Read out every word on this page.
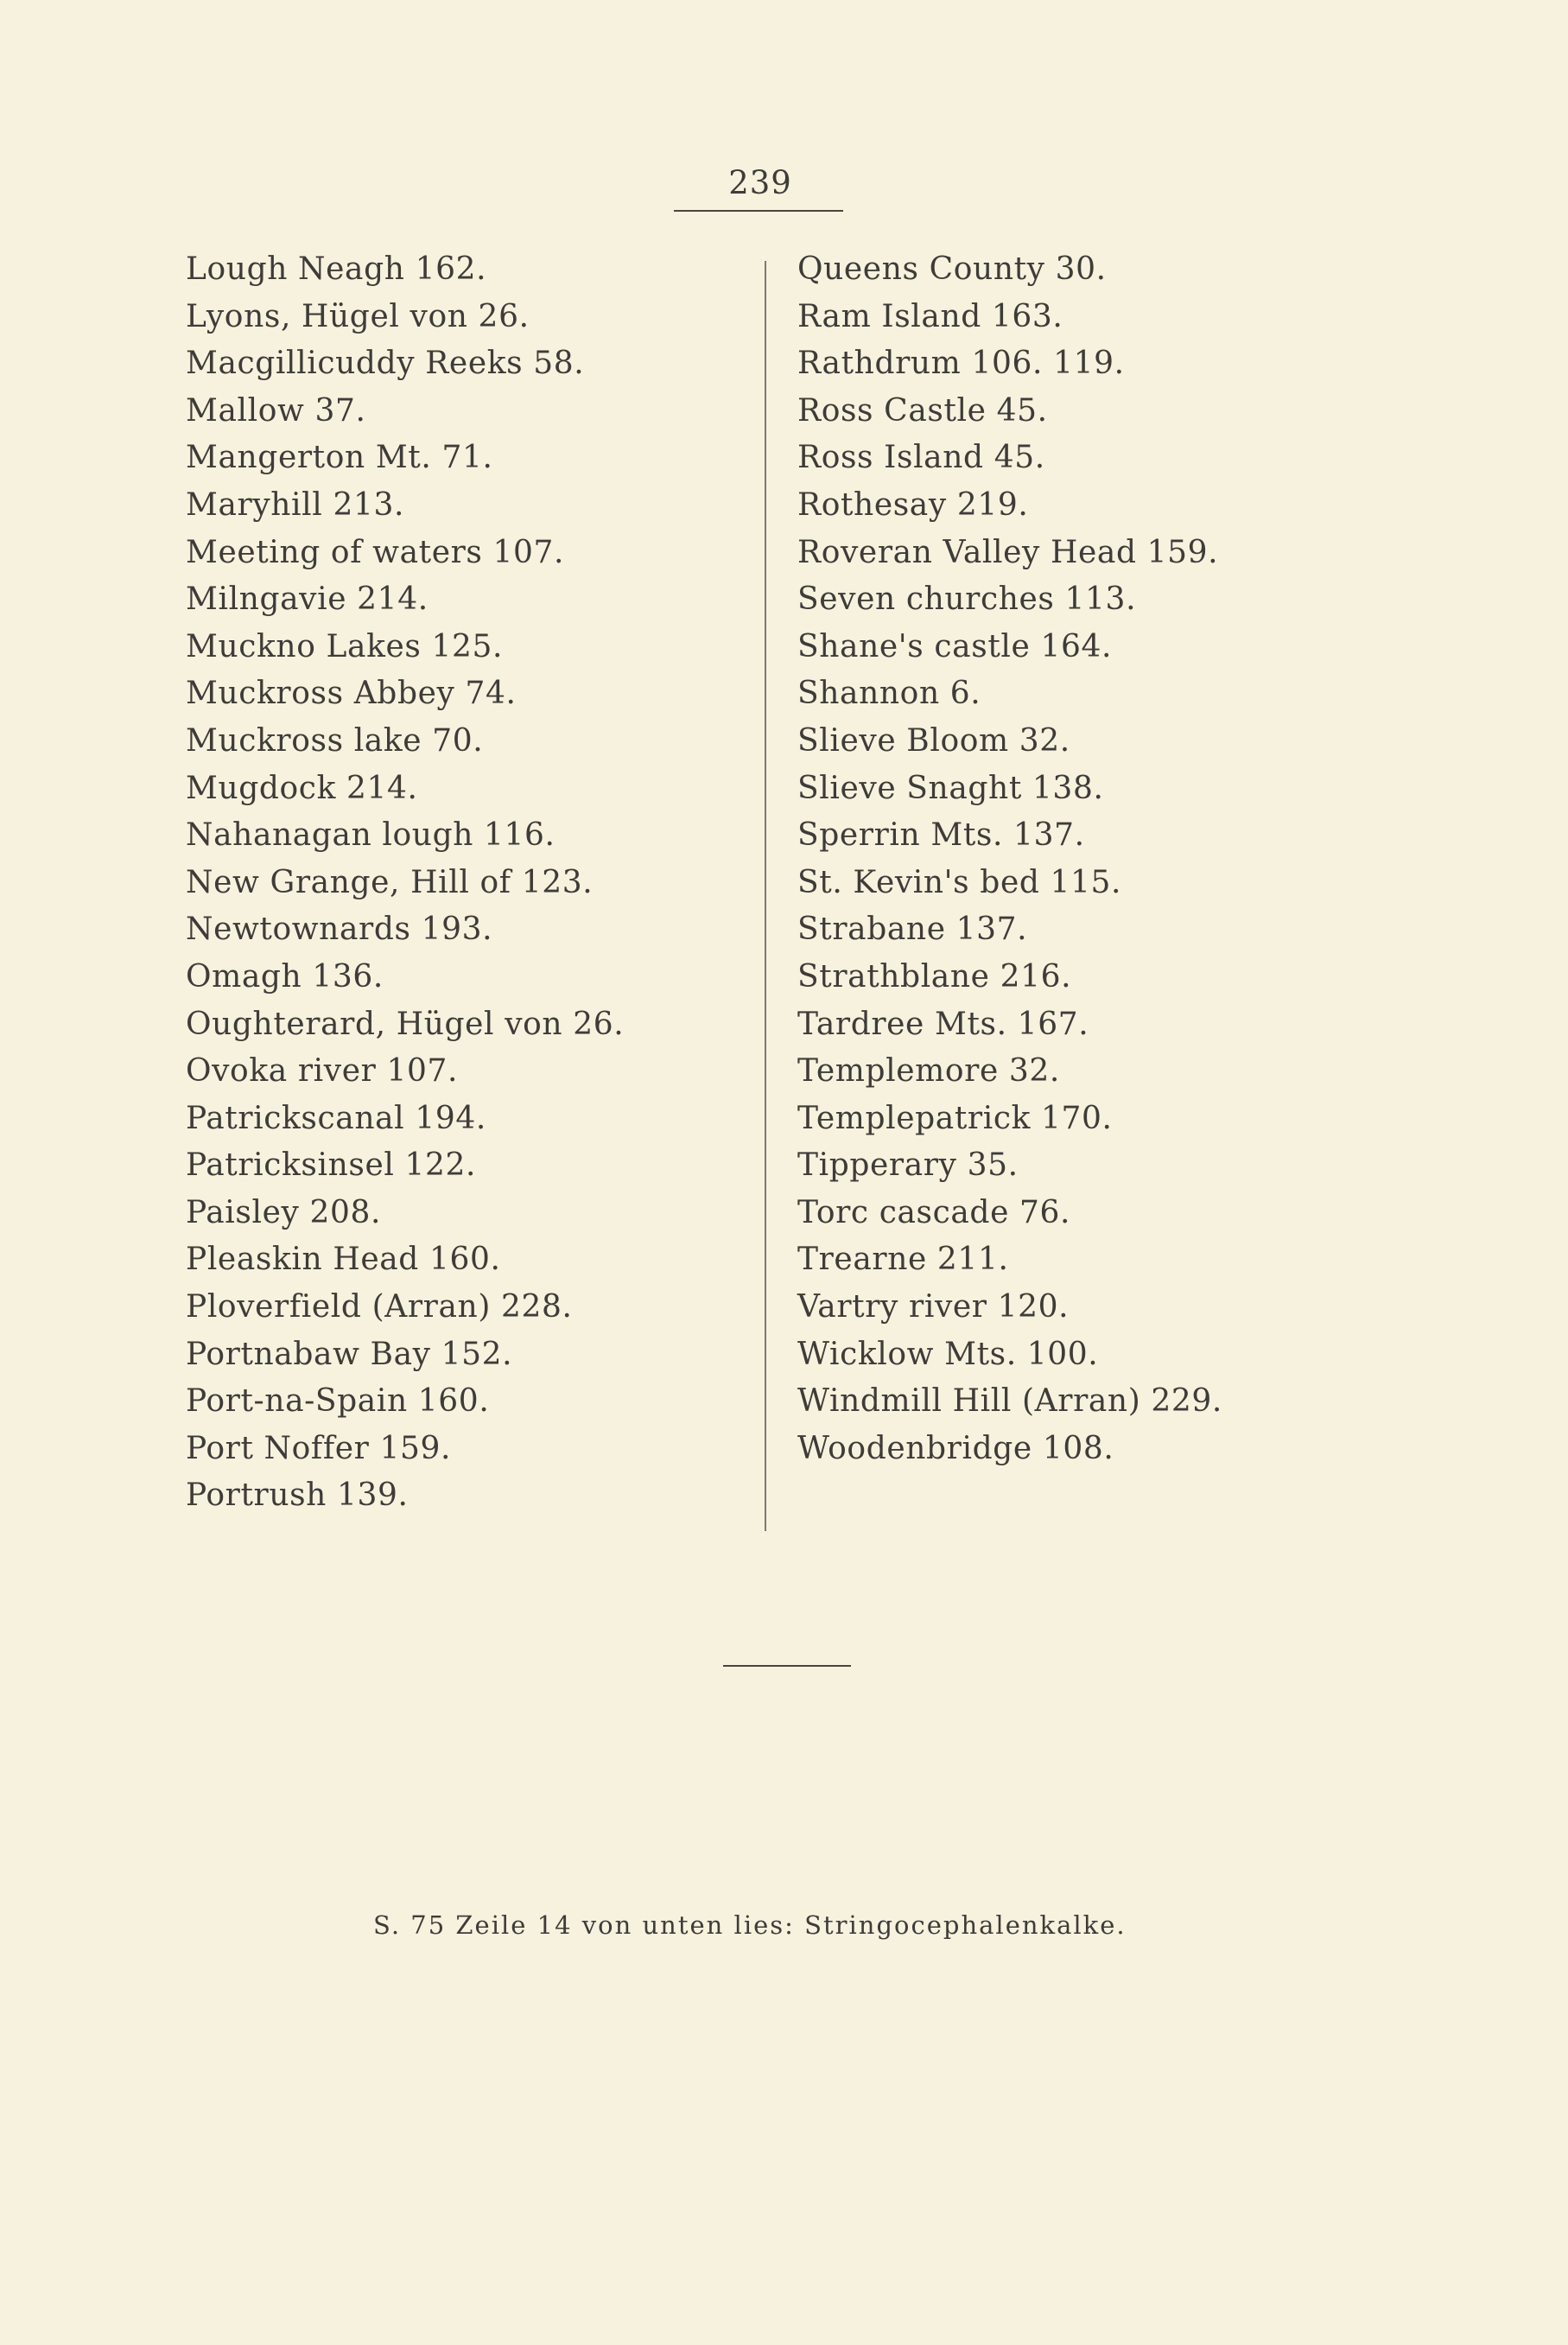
239
Lough Neagh 162.
Lyons, Hügel von 26.
Macgillicuddy Reeks 58.
Mallow 37.
Mangerton Mt. 71.
Maryhill 213.
Meeting of waters 107.
Milngavie 214.
Muckno Lakes 125.
Muckross Abbey 74.
Muckross lake 70.
Mugdock 214.
Nahanagan lough 116.
New Grange, Hill of 123.
Newtownards 193.
Omagh 136.
Oughterard, Hügel von 26.
Ovoka river 107.
Patrickscanal 194.
Patricksinsel 122.
Paisley 208.
Pleaskin Head 160.
Ploverfield (Arran) 228.
Portnabaw Bay 152.
Port-na-Spain 160.
Port Noffer 159.
Portrush 139.
Queens County 30.
Ram Island 163.
Rathdrum 106. 119.
Ross Castle 45.
Ross Island 45.
Rothesay 219.
Roveran Valley Head 159.
Seven churches 113.
Shane's castle 164.
Shannon 6.
Slieve Bloom 32.
Slieve Snaght 138.
Sperrin Mts. 137.
St. Kevin's bed 115.
Strabane 137.
Strathblane 216.
Tardree Mts. 167.
Templemore 32.
Templepatrick 170.
Tipperary 35.
Torc cascade 76.
Trearne 211.
Vartry river 120.
Wicklow Mts. 100.
Windmill Hill (Arran) 229.
Woodenbridge 108.
S. 75 Zeile 14 von unten lies: Stringocephalenkalke.
